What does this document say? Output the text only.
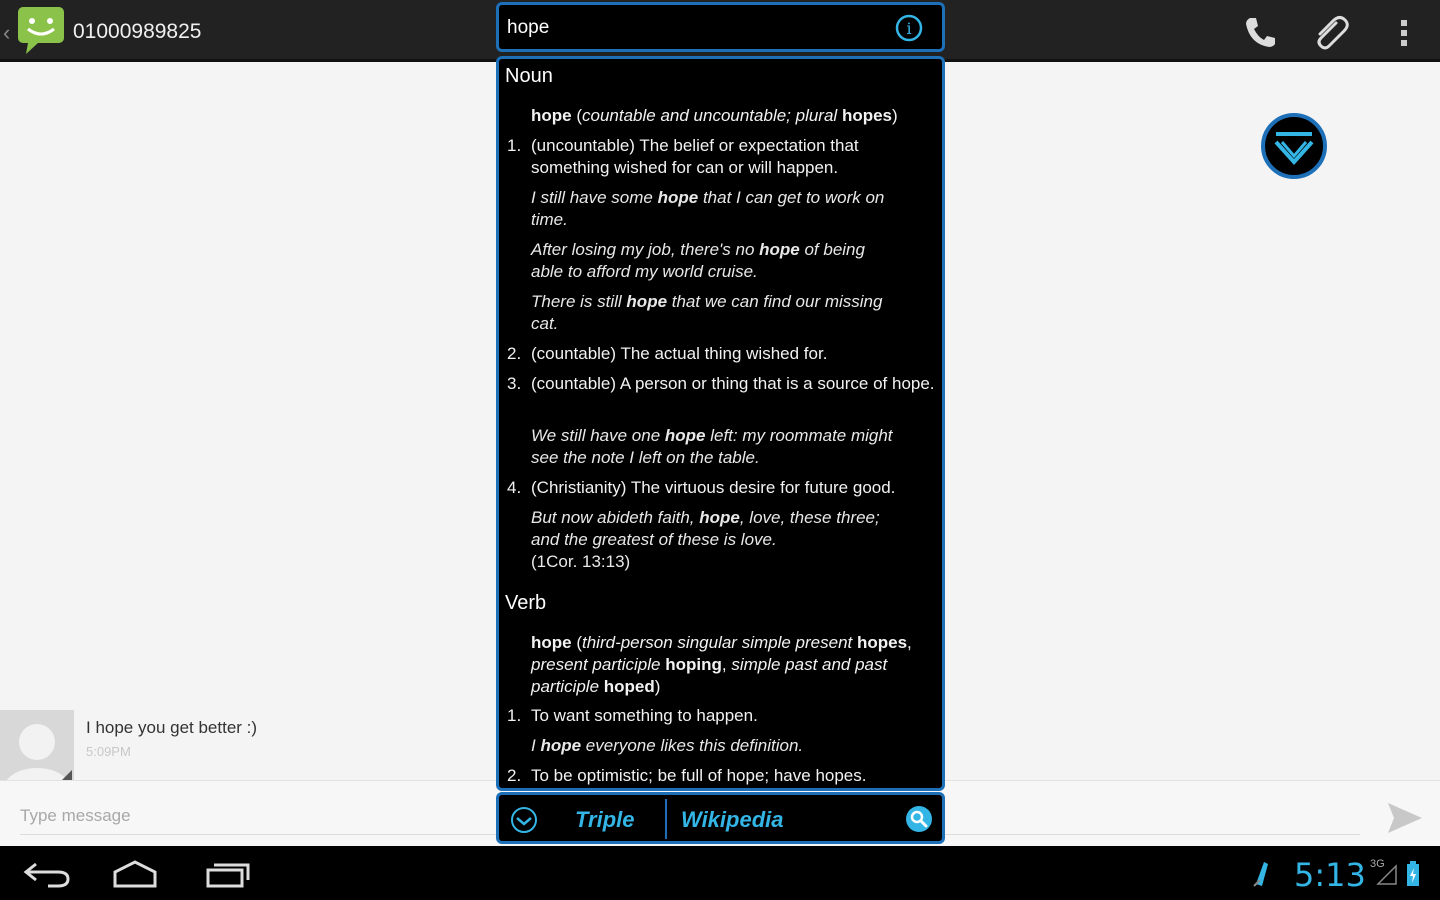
‹	01000989825
I hope you get better :)
5:09PM
Type message
hope	i
Noun
hope (countable and uncountable; plural hopes)
1. (uncountable) The belief or expectation that something wished for can or will happen.
I still have some hope that I can get to work on time.
After losing my job, there's no hope of being able to afford my world cruise.
There is still hope that we can find our missing cat.
2. (countable) The actual thing wished for.
3. (countable) A person or thing that is a source of hope.
We still have one hope left: my roommate might see the note I left on the table.
4. (Christianity) The virtuous desire for future good.
But now abideth faith, hope, love, these three; and the greatest of these is love.
(1Cor. 13:13)
Verb
hope (third-person singular simple present hopes, present participle hoping, simple past and past participle hoped)
1. To want something to happen.
I hope everyone likes this definition.
2. To be optimistic; be full of hope; have hopes.
Triple Wikipedia
5:13 3G
